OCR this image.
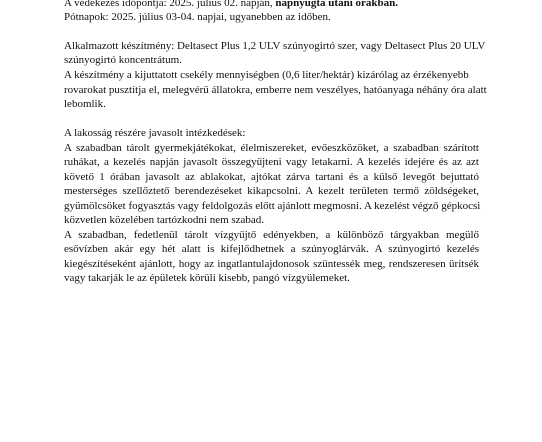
A védekezés időpontja: 2025. július 02. napján, napnyugta utáni órákban.
Pótnapok: 2025. július 03-04. napjai, ugyanebben az időben.
Alkalmazott készítmény: Deltasect Plus 1,2 ULV szúnyogirtó szer, vagy Deltasect Plus 20 ULV
szúnyogirtó koncentrátum.
A készítmény a kijuttatott csekély mennyiségben (0,6 liter/hektár) kizárólag az érzékenyebb
rovarokat pusztítja el, melegvérű állatokra, emberre nem veszélyes, hatóanyaga néhány óra alatt
lebomlik.
A lakosság részére javasolt intézkedések:
A szabadban tárolt gyermekjátékokat, élelmiszereket, evőeszközöket, a szabadban szárított
ruhákat, a kezelés napján javasolt összegyűjteni vagy letakarni. A kezelés idejére és az azt
követő 1 órában javasolt az ablakokat, ajtókat zárva tartani és a külső levegőt bejuttató
mesterséges szellőztető berendezéseket kikapcsolni. A kezelt területen termő zöldségeket,
gyümölcsöket fogyasztás vagy feldolgozás előtt ajánlott megmosni. A kezelést végző gépkocsi
közvetlen közelében tartózkodni nem szabad.
A szabadban, fedetlenül tárolt vízgyűjtő edényekben, a különböző tárgyakban megülő
esővízben akár egy hét alatt is kifejlődhetnek a szúnyoglárvák. A szúnyogirtó kezelés
kiegészítéseként ajánlott, hogy az ingatlantulajdonosok szüntessék meg, rendszeresen ürítsék
vagy takarják le az épületek körüli kisebb, pangó vízgyülemeket.
